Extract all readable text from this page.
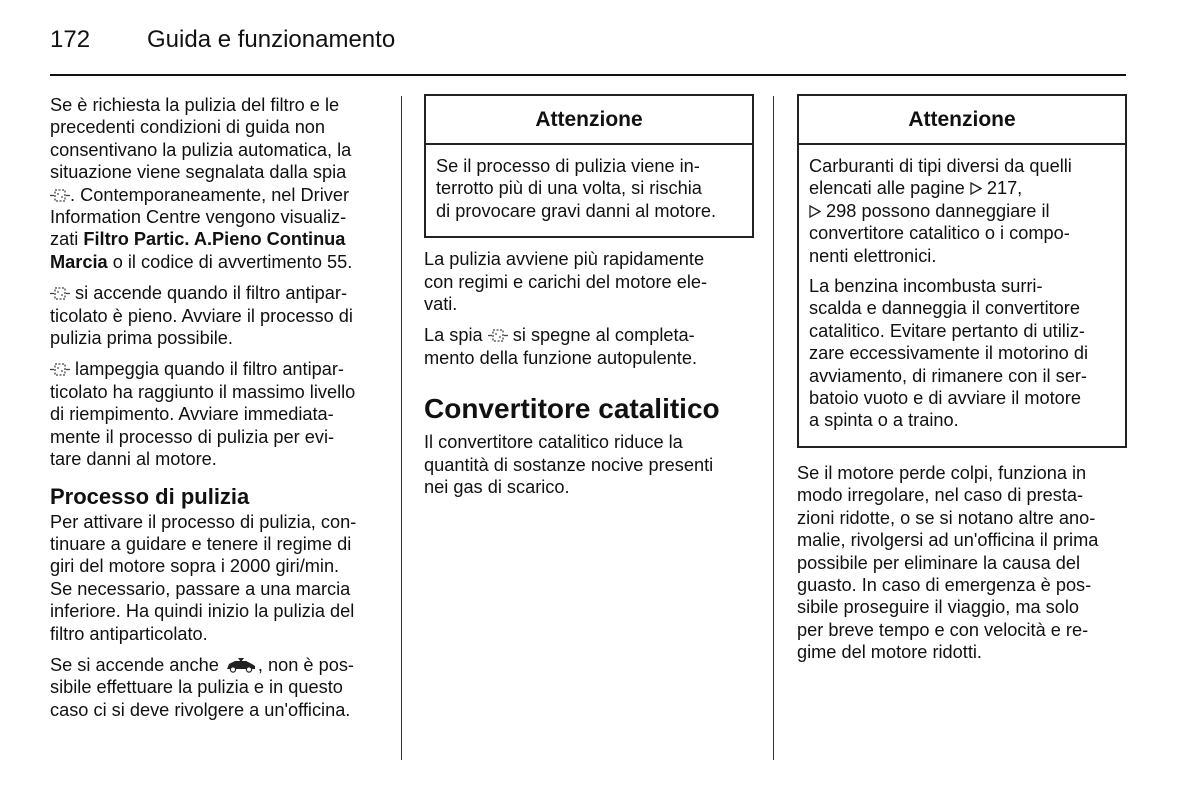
172 Guida e funzionamento

Se è richiesta la pulizia del filtro e le
precedenti condizioni di guida non
consentivano la pulizia automatica, la
situazione viene segnalata dalla spia
. Contemporaneamente, nel Driver
Information Centre vengono visualiz-
zati Filtro Partic. A.Pieno Continua
Marcia o il codice di avvertimento 55.

si accende quando il filtro antipar-
ticolato è pieno. Avviare il processo di
pulizia prima possibile.

lampeggia quando il filtro antipar-
ticolato ha raggiunto il massimo livello
di riempimento. Avviare immediata-
mente il processo di pulizia per evi-
tare danni al motore.

Processo di pulizia

Per attivare il processo di pulizia, con-
tinuare a guidare e tenere il regime di
giri del motore sopra i 2000 giri/min.
Se necessario, passare a una marcia
inferiore. Ha quindi inizio la pulizia del
filtro antiparticolato.

Se si accende anche , non è pos-
sibile effettuare la pulizia e in questo
caso ci si deve rivolgere a un'officina.

Attenzione

Se il processo di pulizia viene in-
terrotto più di una volta, si rischia
di provocare gravi danni al motore.

La pulizia avviene più rapidamente
con regimi e carichi del motore ele-
vati.

La spia  si spegne al completa-
mento della funzione autopulente.

Convertitore catalitico

Il convertitore catalitico riduce la
quantità di sostanze nocive presenti
nei gas di scarico.

Attenzione

Carburanti di tipi diversi da quelli
elencati alle pagine  217,
298 possono danneggiare il
convertitore catalitico o i compo-
nenti elettronici.

La benzina incombusta surri-
scalda e danneggia il convertitore
catalitico. Evitare pertanto di utiliz-
zare eccessivamente il motorino di
avviamento, di rimanere con il ser-
batoio vuoto e di avviare il motore
a spinta o a traino.

Se il motore perde colpi, funziona in
modo irregolare, nel caso di presta-
zioni ridotte, o se si notano altre ano-
malie, rivolgersi ad un'officina il prima
possibile per eliminare la causa del
guasto. In caso di emergenza è pos-
sibile proseguire il viaggio, ma solo
per breve tempo e con velocità e re-
gime del motore ridotti.
